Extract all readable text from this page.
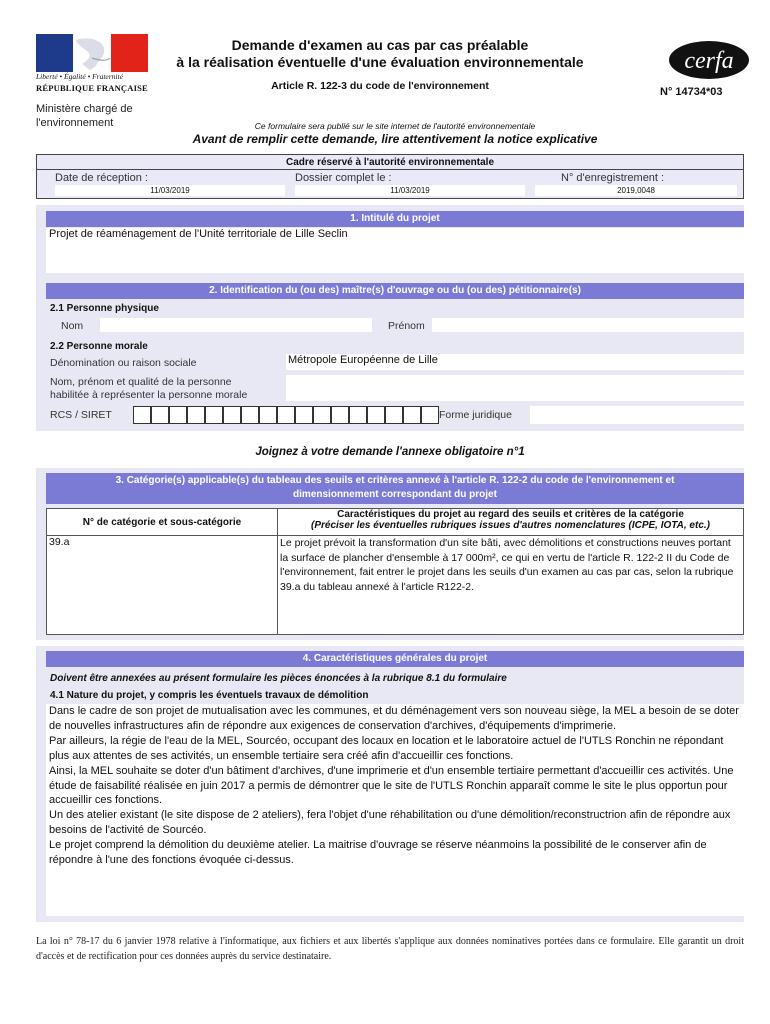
Liberté • Égalité • Fraternité
RÉPUBLIQUE FRANÇAISE
Ministère chargé de l'environnement
Demande d'examen au cas par cas préalable
à la réalisation éventuelle d'une évaluation environnementale
Article R. 122-3 du code de l'environnement
cerfa
N° 14734*03
Ce formulaire sera publié sur le site internet de l'autorité environnementale
Avant de remplir cette demande, lire attentivement la notice explicative
Cadre réservé à l'autorité environnementale
Date de réception :
11/03/2019
Dossier complet le :
11/03/2019
N° d'enregistrement :
2019,0048
1. Intitulé du projet
Projet de réaménagement de l'Unité territoriale de Lille Seclin
2. Identification du (ou des) maître(s) d'ouvrage ou du (ou des) pétitionnaire(s)
2.1 Personne physique
Nom	Prénom
2.2 Personne morale
Dénomination ou raison sociale	Métropole Européenne de Lille
Nom, prénom et qualité de la personne
habilitée à représenter la personne morale
RCS / SIRET	Forme juridique
Joignez à votre demande l'annexe obligatoire n°1
3. Catégorie(s) applicable(s) du tableau des seuils et critères annexé à l'article R. 122-2 du code de l'environnement et
dimensionnement correspondant du projet
N° de catégorie et sous-catégorie	Caractéristiques du projet au regard des seuils et critères de la catégorie
(Préciser les éventuelles rubriques issues d'autres nomenclatures (ICPE, IOTA, etc.)

39.a	Le projet prévoit la transformation d'un site bâti, avec démolitions et constructions neuves portant la surface de plancher d'ensemble à 17 000m², ce qui en vertu de l'article R. 122-2 II du Code de l'environnement, fait entrer le projet dans les seuils d'un examen au cas par cas, selon la rubrique 39.a du tableau annexé à l'article R122-2.
4. Caractéristiques générales du projet
Doivent être annexées au présent formulaire les pièces énoncées à la rubrique 8.1 du formulaire
4.1 Nature du projet, y compris les éventuels travaux de démolition
Dans le cadre de son projet de mutualisation avec les communes, et du déménagement vers son nouveau siège, la MEL a besoin de se doter de nouvelles infrastructures afin de répondre aux exigences de conservation d'archives, d'équipements d'imprimerie.
Par ailleurs, la régie de l'eau de la MEL, Sourcéo, occupant des locaux en location et le laboratoire actuel de l'UTLS Ronchin ne répondant plus aux attentes de ses activités, un ensemble tertiaire sera créé afin d'accueillir ces fonctions.
Ainsi, la MEL souhaite se doter d'un bâtiment d'archives, d'une imprimerie et d'un ensemble tertiaire permettant d'accueillir ces activités. Une étude de faisabilité réalisée en juin 2017 a permis de démontrer que le site de l'UTLS Ronchin apparaît comme le site le plus opportun pour accueillir ces fonctions.
Un des atelier existant (le site dispose de 2 ateliers), fera l'objet d'une réhabilitation ou d'une démolition/reconstructrion afin de répondre aux besoins de l'activité de Sourcéo.
Le projet comprend la démolition du deuxième atelier. La maitrise d'ouvrage se réserve néanmoins la possibilité de le conserver afin de répondre à l'une des fonctions évoquée ci-dessus.
La loi n° 78-17 du 6 janvier 1978 relative à l'informatique, aux fichiers et aux libertés s'applique aux données nominatives portées dans ce formulaire. Elle garantit un droit d'accès et de rectification pour ces données auprès du service destinataire.
